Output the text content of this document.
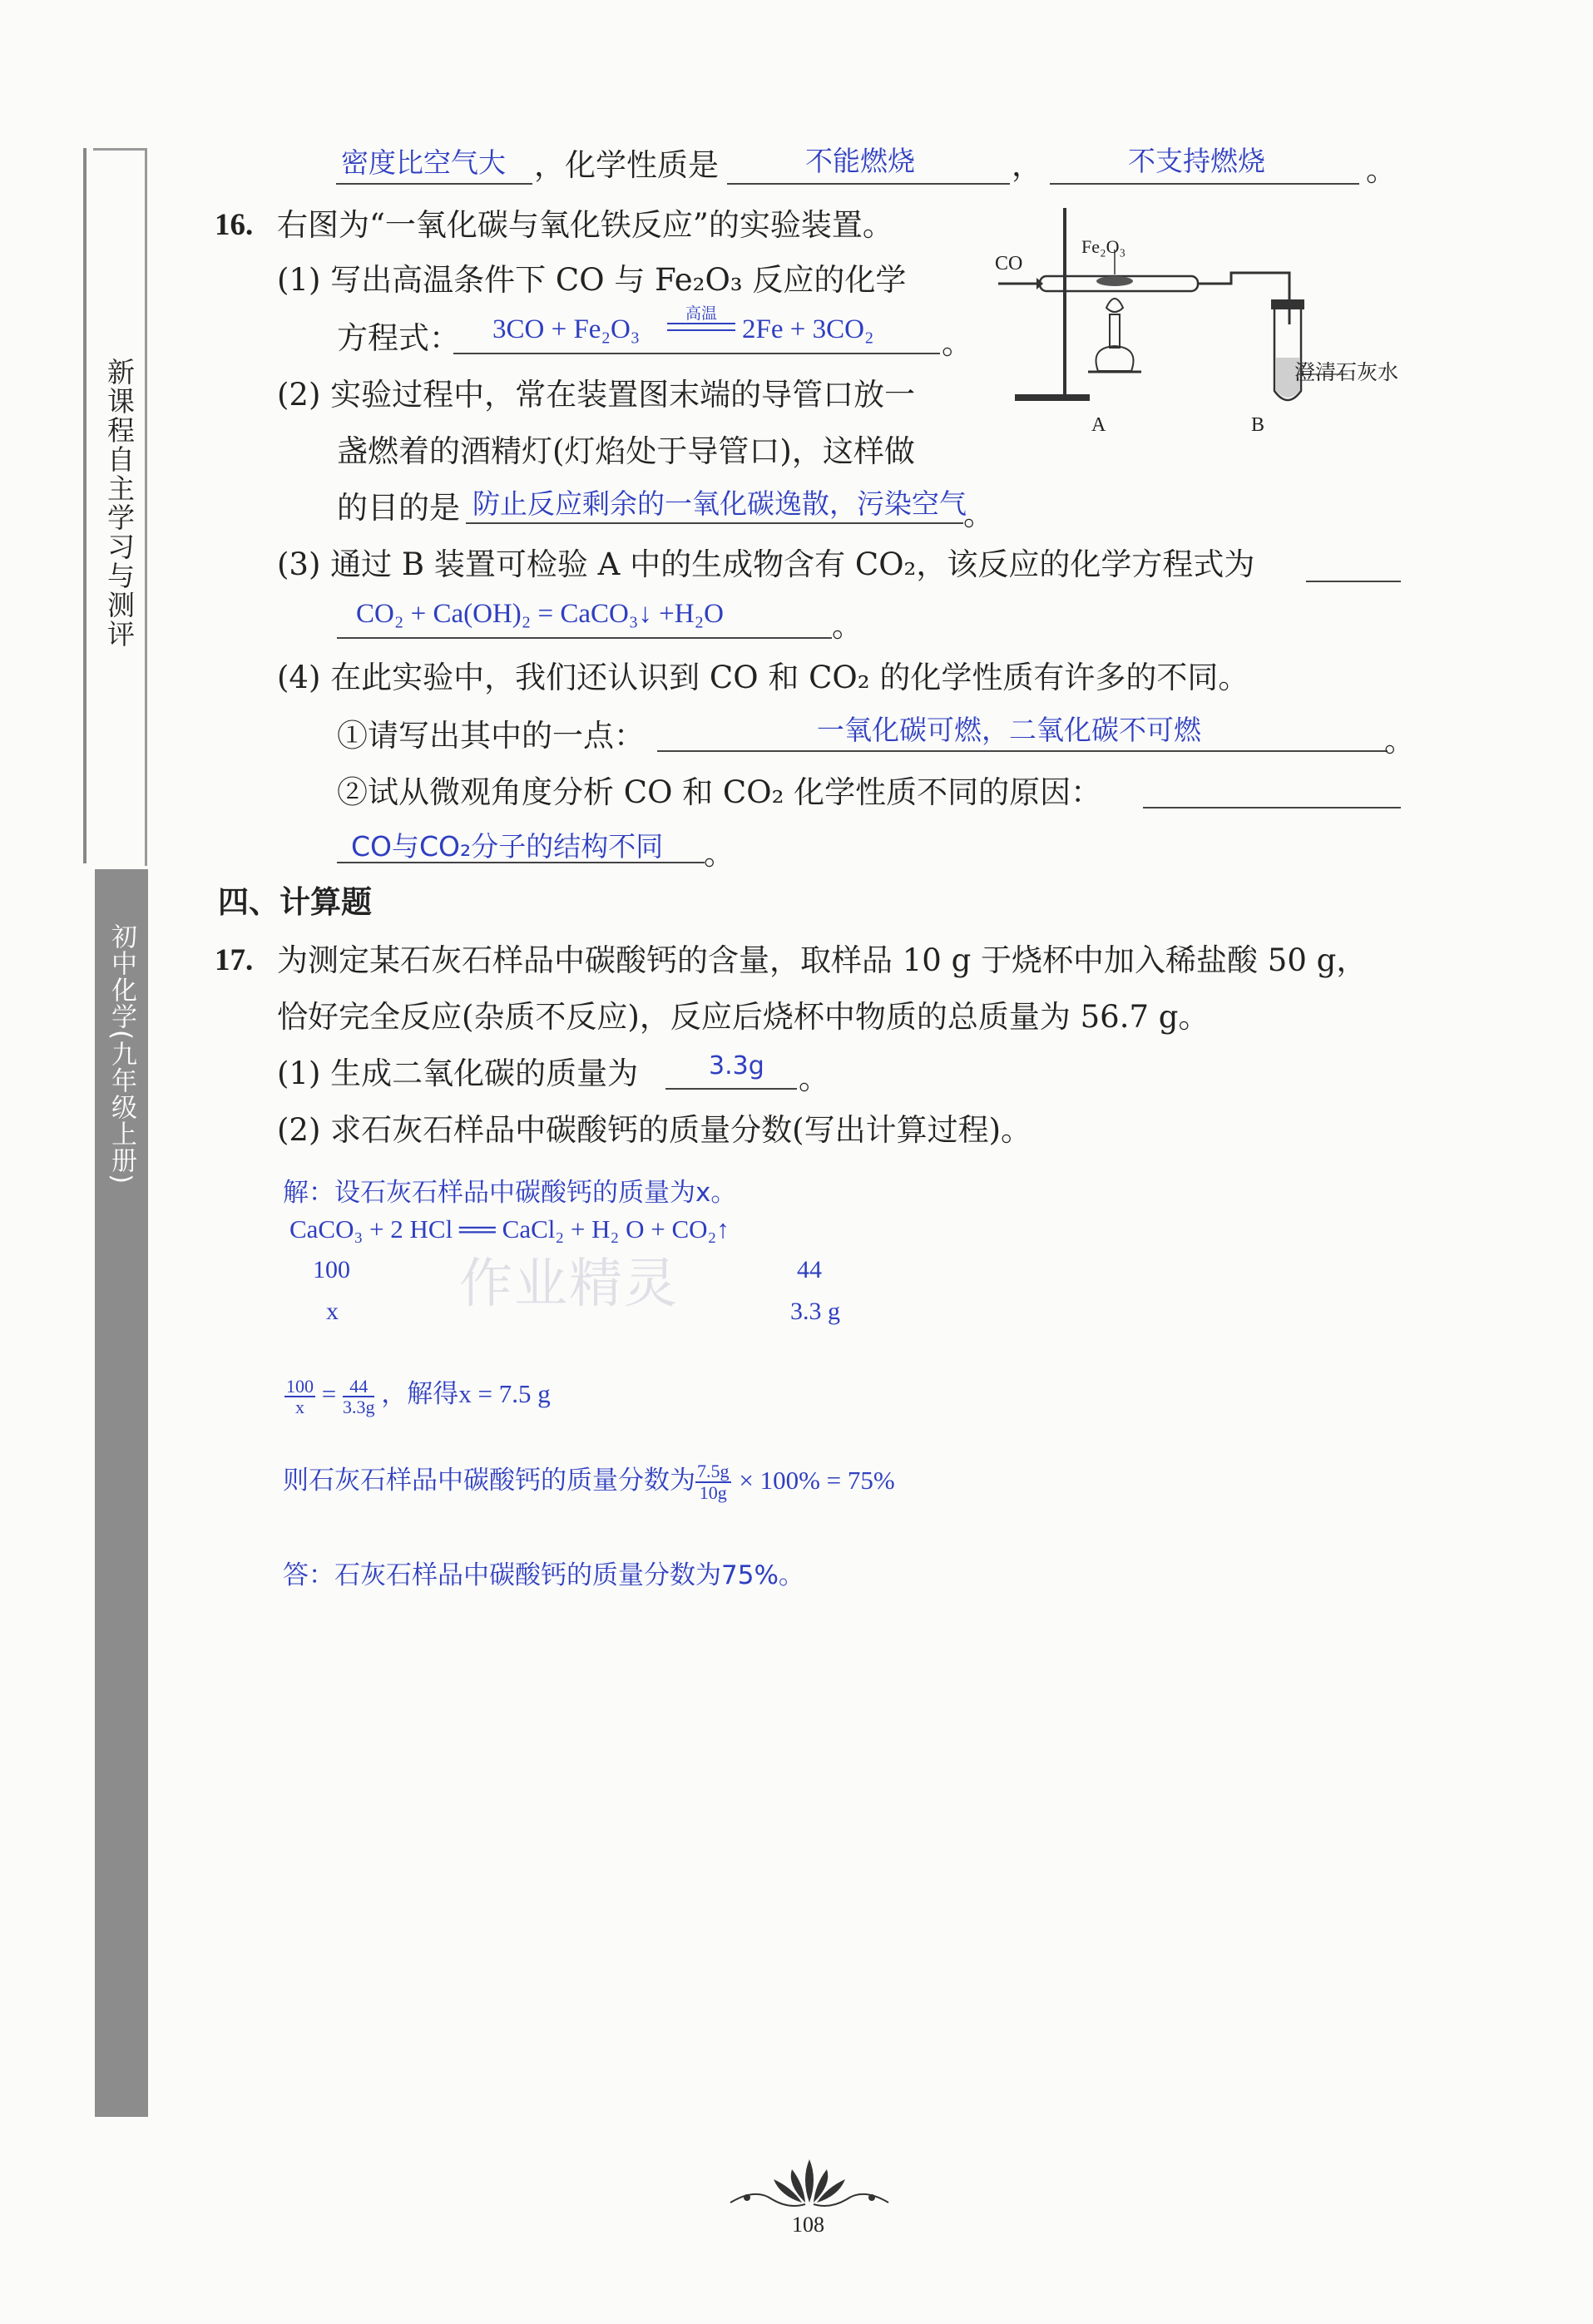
新课程自主学习与测评
初中化学(九年级上册)
密度比空气大 ，化学性质是	不能燃烧	，	不支持燃烧	。
16. 右图为“一氧化碳与氧化铁反应”的实验装置。
(1) 写出高温条件下 CO 与 Fe₂O₃ 反应的化学
方程式： 3CO + Fe₂O₃
高温
2Fe + 3CO₂ 。
(2) 实验过程中，常在装置图末端的导管口放一
盏燃着的酒精灯(灯焰处于导管口)，这样做
的目的是 防止反应剩余的一氧化碳逸散，污染空气
。
(3) 通过 B 装置可检验 A 中的生成物含有 CO₂，该反应的化学方程式为
CO₂ + Ca(OH)₂ = CaCO₃↓ +H₂O	。
(4) 在此实验中，我们还认识到 CO 和 CO₂ 的化学性质有许多的不同。
①请写出其中的一点：	一氧化碳可燃，二氧化碳不可燃	。
②试从微观角度分析 CO 和 CO₂ 化学性质不同的原因：
CO与CO₂分子的结构不同 。
CO
Fe₂O₃
澄清石灰水
A	B
四、计算题
17. 为测定某石灰石样品中碳酸钙的含量，取样品 10 g 于烧杯中加入稀盐酸 50 g，
恰好完全反应(杂质不反应)，反应后烧杯中物质的总质量为 56.7 g。
(1) 生成二氧化碳的质量为	3.3g 。
(2) 求石灰石样品中碳酸钙的质量分数(写出计算过程)。
解：设石灰石样品中碳酸钙的质量为x。
CaCO₃ + 2 HCl ══ CaCl₂ + H₂ O + CO₂↑
100	44
x	3.3 g
作业精灵
$\frac{100}{x} = \frac{44}{3.3g}$ ，解得x = 7.5 g
则石灰石样品中碳酸钙的质量分数为 $\frac{7.5g}{10g} \times 100\% = 75\%$
答：石灰石样品中碳酸钙的质量分数为75%。
108
